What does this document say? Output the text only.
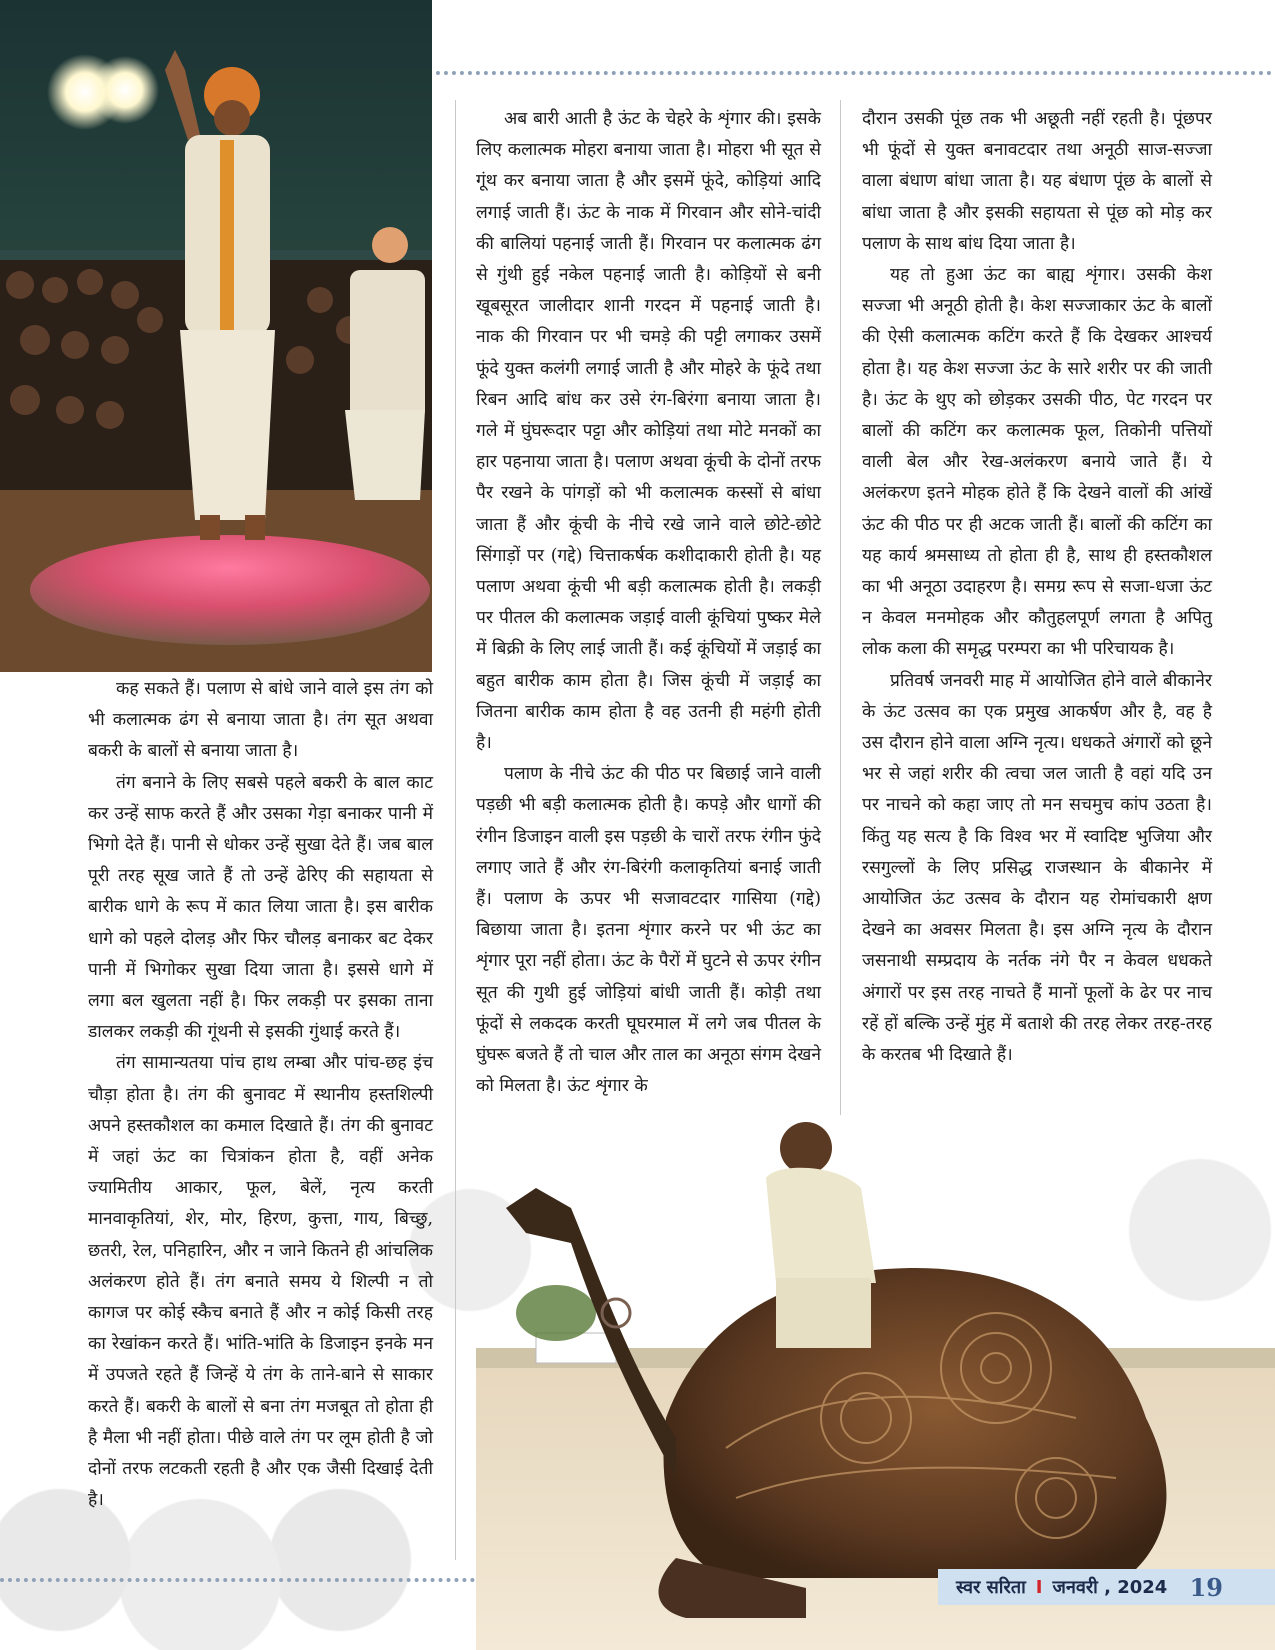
कह सकते हैं। पलाण से बांधे जाने वाले इस तंग को भी कलात्मक ढंग से बनाया जाता है। तंग सूत अथवा बकरी के बालों से बनाया जाता है।

तंग बनाने के लिए सबसे पहले बकरी के बाल काट कर उन्हें साफ करते हैं और उसका गेड़ा बनाकर पानी में भिगो देते हैं। पानी से धोकर उन्हें सुखा देते हैं। जब बाल पूरी तरह सूख जाते हैं तो उन्हें ढेरिए की सहायता से बारीक धागे के रूप में कात लिया जाता है। इस बारीक धागे को पहले दोलड़ और फिर चौलड़ बनाकर बट देकर पानी में भिगोकर सुखा दिया जाता है। इससे धागे में लगा बल खुलता नहीं है। फिर लकड़ी पर इसका ताना डालकर लकड़ी की गूंथनी से इसकी गुंथाई करते हैं।

तंग सामान्यतया पांच हाथ लम्बा और पांच-छह इंच चौड़ा होता है। तंग की बुनावट में स्थानीय हस्तशिल्पी अपने हस्तकौशल का कमाल दिखाते हैं। तंग की बुनावट में जहां ऊंट का चित्रांकन होता है, वहीं अनेक ज्यामितीय आकार, फूल, बेलें, नृत्य करती मानवाकृतियां, शेर, मोर, हिरण, कुत्ता, गाय, बिच्छु, छतरी, रेल, पनिहारिन, और न जाने कितने ही आंचलिक अलंकरण होते हैं। तंग बनाते समय ये शिल्पी न तो कागज पर कोई स्कैच बनाते हैं और न कोई किसी तरह का रेखांकन करते हैं। भांति-भांति के डिजाइन इनके मन में उपजते रहते हैं जिन्हें ये तंग के ताने-बाने से साकार करते हैं। बकरी के बालों से बना तंग मजबूत तो होता ही है मैला भी नहीं होता। पीछे वाले तंग पर लूम होती है जो दोनों तरफ लटकती रहती है और एक जैसी दिखाई देती है।

अब बारी आती है ऊंट के चेहरे के शृंगार की। इसके लिए कलात्मक मोहरा बनाया जाता है। मोहरा भी सूत से गूंथ कर बनाया जाता है और इसमें फूंदे, कोड़ियां आदि लगाई जाती हैं। ऊंट के नाक में गिरवान और सोने-चांदी की बालियां पहनाई जाती हैं। गिरवान पर कलात्मक ढंग से गुंथी हुई नकेल पहनाई जाती है। कोड़ियों से बनी खूबसूरत जालीदार शानी गरदन में पहनाई जाती है। नाक की गिरवान पर भी चमड़े की पट्टी लगाकर उसमें फूंदे युक्त कलंगी लगाई जाती है और मोहरे के फूंदे तथा रिबन आदि बांध कर उसे रंग-बिरंगा बनाया जाता है। गले में घुंघरूदार पट्टा और कोड़ियां तथा मोटे मनकों का हार पहनाया जाता है। पलाण अथवा कूंची के दोनों तरफ पैर रखने के पांगड़ों को भी कलात्मक कस्सों से बांधा जाता हैं और कूंची के नीचे रखे जाने वाले छोटे-छोटे सिंगाड़ों पर (गद्दे) चित्ताकर्षक कशीदाकारी होती है। यह पलाण अथवा कूंची भी बड़ी कलात्मक होती है। लकड़ी पर पीतल की कलात्मक जड़ाई वाली कूंचियां पुष्कर मेले में बिक्री के लिए लाई जाती हैं। कई कूंचियों में जड़ाई का बहुत बारीक काम होता है। जिस कूंची में जड़ाई का जितना बारीक काम होता है वह उतनी ही महंगी होती है।

पलाण के नीचे ऊंट की पीठ पर बिछाई जाने वाली पड़छी भी बड़ी कलात्मक होती है। कपड़े और धागों की रंगीन डिजाइन वाली इस पड़छी के चारों तरफ रंगीन फुंदे लगाए जाते हैं और रंग-बिरंगी कलाकृतियां बनाई जाती हैं। पलाण के ऊपर भी सजावटदार गासिया (गद्दे) बिछाया जाता है। इतना शृंगार करने पर भी ऊंट का शृंगार पूरा नहीं होता। ऊंट के पैरों में घुटने से ऊपर रंगीन सूत की गुथी हुई जोड़ियां बांधी जाती हैं। कोड़ी तथा फूंदों से लकदक करती घूघरमाल में लगे जब पीतल के घुंघरू बजते हैं तो चाल और ताल का अनूठा संगम देखने को मिलता है। ऊंट शृंगार के

दौरान उसकी पूंछ तक भी अछूती नहीं रहती है। पूंछपर भी फूंदों से युक्त बनावटदार तथा अनूठी साज-सज्जा वाला बंधाण बांधा जाता है। यह बंधाण पूंछ के बालों से बांधा जाता है और इसकी सहायता से पूंछ को मोड़ कर पलाण के साथ बांध दिया जाता है।

यह तो हुआ ऊंट का बाह्य शृंगार। उसकी केश सज्जा भी अनूठी होती है। केश सज्जाकार ऊंट के बालों की ऐसी कलात्मक कटिंग करते हैं कि देखकर आश्चर्य होता है। यह केश सज्जा ऊंट के सारे शरीर पर की जाती है। ऊंट के थुए को छोड़कर उसकी पीठ, पेट गरदन पर बालों की कटिंग कर कलात्मक फूल, तिकोनी पत्तियों वाली बेल और रेख-अलंकरण बनाये जाते हैं। ये अलंकरण इतने मोहक होते हैं कि देखने वालों की आंखें ऊंट की पीठ पर ही अटक जाती हैं। बालों की कटिंग का यह कार्य श्रमसाध्य तो होता ही है, साथ ही हस्तकौशल का भी अनूठा उदाहरण है। समग्र रूप से सजा-धजा ऊंट न केवल मनमोहक और कौतुहलपूर्ण लगता है अपितु लोक कला की समृद्ध परम्परा का भी परिचायक है।

प्रतिवर्ष जनवरी माह में आयोजित होने वाले बीकानेर के ऊंट उत्सव का एक प्रमुख आकर्षण और है, वह है उस दौरान होने वाला अग्नि नृत्य। धधकते अंगारों को छूने भर से जहां शरीर की त्वचा जल जाती है वहां यदि उन पर नाचने को कहा जाए तो मन सचमुच कांप उठता है। किंतु यह सत्य है कि विश्व भर में स्वादिष्ट भुजिया और रसगुल्लों के लिए प्रसिद्ध राजस्थान के बीकानेर में आयोजित ऊंट उत्सव के दौरान यह रोमांचकारी क्षण देखने का अवसर मिलता है। इस अग्नि नृत्य के दौरान जसनाथी सम्प्रदाय के नर्तक नंगे पैर न केवल धधकते अंगारों पर इस तरह नाचते हैं मानों फूलों के ढेर पर नाच रहें हों बल्कि उन्हें मुंह में बताशे की तरह लेकर तरह-तरह के करतब भी दिखाते हैं।

स्वर सरिता I जनवरी , 2024 19
